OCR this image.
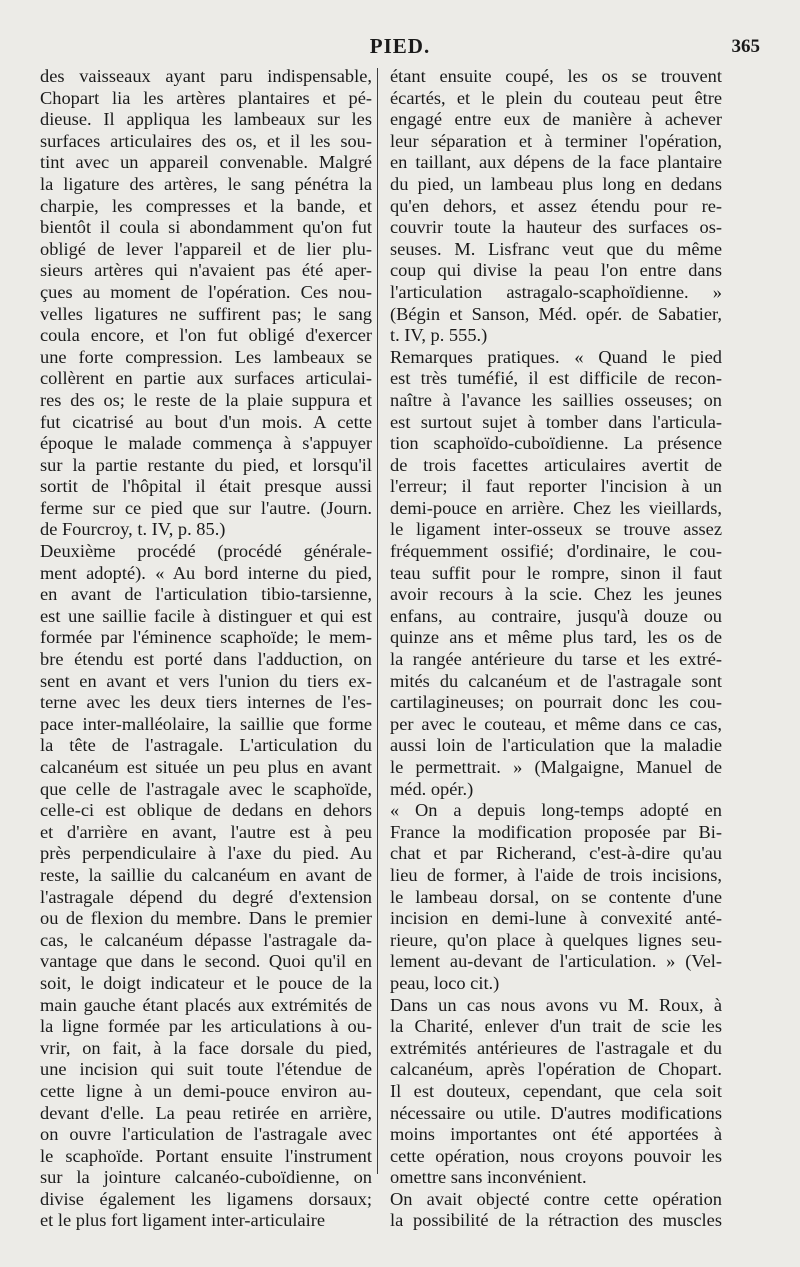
PIED.	365
des vaisseaux ayant paru indispensable,
Chopart lia les artères plantaires et pé-
dieuse. Il appliqua les lambeaux sur les
surfaces articulaires des os, et il les sou-
tint avec un appareil convenable. Malgré
la ligature des artères, le sang pénétra la
charpie, les compresses et la bande, et
bientôt il coula si abondamment qu'on fut
obligé de lever l'appareil et de lier plu-
sieurs artères qui n'avaient pas été aper-
çues au moment de l'opération. Ces nou-
velles ligatures ne suffirent pas; le sang
coula encore, et l'on fut obligé d'exercer
une forte compression. Les lambeaux se
collèrent en partie aux surfaces articulai-
res des os; le reste de la plaie suppura et
fut cicatrisé au bout d'un mois. A cette
époque le malade commença à s'appuyer
sur la partie restante du pied, et lorsqu'il
sortit de l'hôpital il était presque aussi
ferme sur ce pied que sur l'autre. (Journ.
de Fourcroy, t. IV, p. 85.)
Deuxième procédé (procédé générale-
ment adopté). « Au bord interne du pied,
en avant de l'articulation tibio-tarsienne,
est une saillie facile à distinguer et qui est
formée par l'éminence scaphoïde; le mem-
bre étendu est porté dans l'adduction, on
sent en avant et vers l'union du tiers ex-
terne avec les deux tiers internes de l'es-
pace inter-malléolaire, la saillie que forme
la tête de l'astragale. L'articulation du
calcanéum est située un peu plus en avant
que celle de l'astragale avec le scaphoïde,
celle-ci est oblique de dedans en dehors
et d'arrière en avant, l'autre est à peu
près perpendiculaire à l'axe du pied. Au
reste, la saillie du calcanéum en avant de
l'astragale dépend du degré d'extension
ou de flexion du membre. Dans le premier
cas, le calcanéum dépasse l'astragale da-
vantage que dans le second. Quoi qu'il en
soit, le doigt indicateur et le pouce de la
main gauche étant placés aux extrémités de
la ligne formée par les articulations à ou-
vrir, on fait, à la face dorsale du pied,
une incision qui suit toute l'étendue de
cette ligne à un demi-pouce environ au-
devant d'elle. La peau retirée en arrière,
on ouvre l'articulation de l'astragale avec
le scaphoïde. Portant ensuite l'instrument
sur la jointure calcanéo-cuboïdienne, on
divise également les ligamens dorsaux;
et le plus fort ligament inter-articulaire
étant ensuite coupé, les os se trouvent
écartés, et le plein du couteau peut être
engagé entre eux de manière à achever
leur séparation et à terminer l'opération,
en taillant, aux dépens de la face plantaire
du pied, un lambeau plus long en dedans
qu'en dehors, et assez étendu pour re-
couvrir toute la hauteur des surfaces os-
seuses. M. Lisfranc veut que du même
coup qui divise la peau l'on entre dans
l'articulation astragalo-scaphoïdienne. »
(Bégin et Sanson, Méd. opér. de Sabatier,
t. IV, p. 555.)
Remarques pratiques. « Quand le pied
est très tuméfié, il est difficile de recon-
naître à l'avance les saillies osseuses; on
est surtout sujet à tomber dans l'articula-
tion scaphoïdo-cuboïdienne. La présence
de trois facettes articulaires avertit de
l'erreur; il faut reporter l'incision à un
demi-pouce en arrière. Chez les vieillards,
le ligament inter-osseux se trouve assez
fréquemment ossifié; d'ordinaire, le cou-
teau suffit pour le rompre, sinon il faut
avoir recours à la scie. Chez les jeunes
enfans, au contraire, jusqu'à douze ou
quinze ans et même plus tard, les os de
la rangée antérieure du tarse et les extré-
mités du calcanéum et de l'astragale sont
cartilagineuses; on pourrait donc les cou-
per avec le couteau, et même dans ce cas,
aussi loin de l'articulation que la maladie
le permettrait. » (Malgaigne, Manuel de
méd. opér.)
« On a depuis long-temps adopté en
France la modification proposée par Bi-
chat et par Richerand, c'est-à-dire qu'au
lieu de former, à l'aide de trois incisions,
le lambeau dorsal, on se contente d'une
incision en demi-lune à convexité anté-
rieure, qu'on place à quelques lignes seu-
lement au-devant de l'articulation. » (Vel-
peau, loco cit.)
Dans un cas nous avons vu M. Roux, à
la Charité, enlever d'un trait de scie les
extrémités antérieures de l'astragale et du
calcanéum, après l'opération de Chopart.
Il est douteux, cependant, que cela soit
nécessaire ou utile. D'autres modifications
moins importantes ont été apportées à
cette opération, nous croyons pouvoir les
omettre sans inconvénient.
On avait objecté contre cette opération
la possibilité de la rétraction des muscles
